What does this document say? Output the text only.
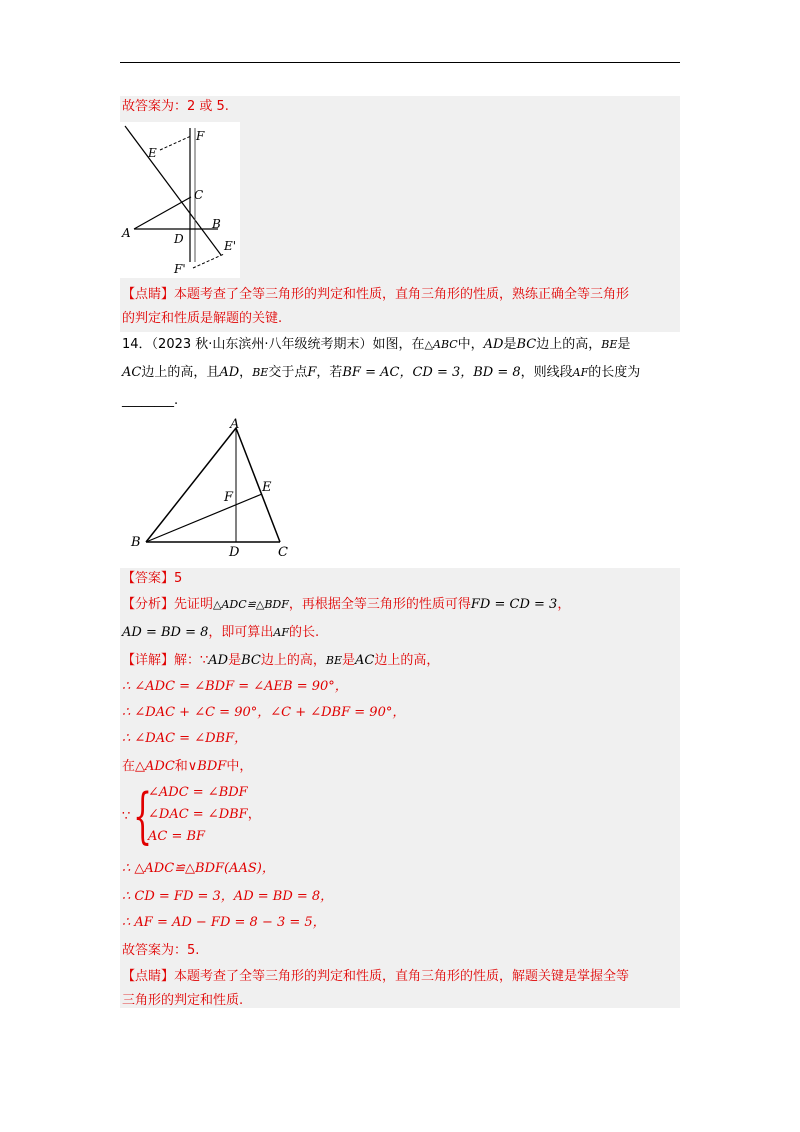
故答案为：2 或 5.
E
F
C
A	D
B
E'
F'
【点睛】本题考查了全等三角形的判定和性质，直角三角形的性质，熟练正确全等三角形
的判定和性质是解题的关键.
14．（2023 秋·山东滨州·八年级统考期末）如图，在△ABC中，AD是BC边上的高，BE是
AC边上的高，且AD，BE交于点F，若BF = AC，CD = 3，BD = 8，则线段AF的长度为
________.
A
E
F
B
D	C
【答案】5
【分析】先证明△ADC≌△BDF，再根据全等三角形的性质可得FD = CD = 3，
AD = BD = 8，即可算出AF的长.
【详解】解：∵AD是BC边上的高，BE是AC边上的高，
∴ ∠ADC = ∠BDF = ∠AEB = 90°，
∴ ∠DAC + ∠C = 90°，∠C + ∠DBF = 90°，
∴ ∠DAC = ∠DBF，
在△ADC和∨BDF中，
∵ {
∠ADC = ∠BDF
∠DAC = ∠DBF，
AC = BF
∴ △ADC≌△BDF(AAS)，
∴ CD = FD = 3，AD = BD = 8，
∴ AF = AD − FD = 8 − 3 = 5，
故答案为：5.
【点睛】本题考查了全等三角形的判定和性质，直角三角形的性质，解题关键是掌握全等
三角形的判定和性质.
